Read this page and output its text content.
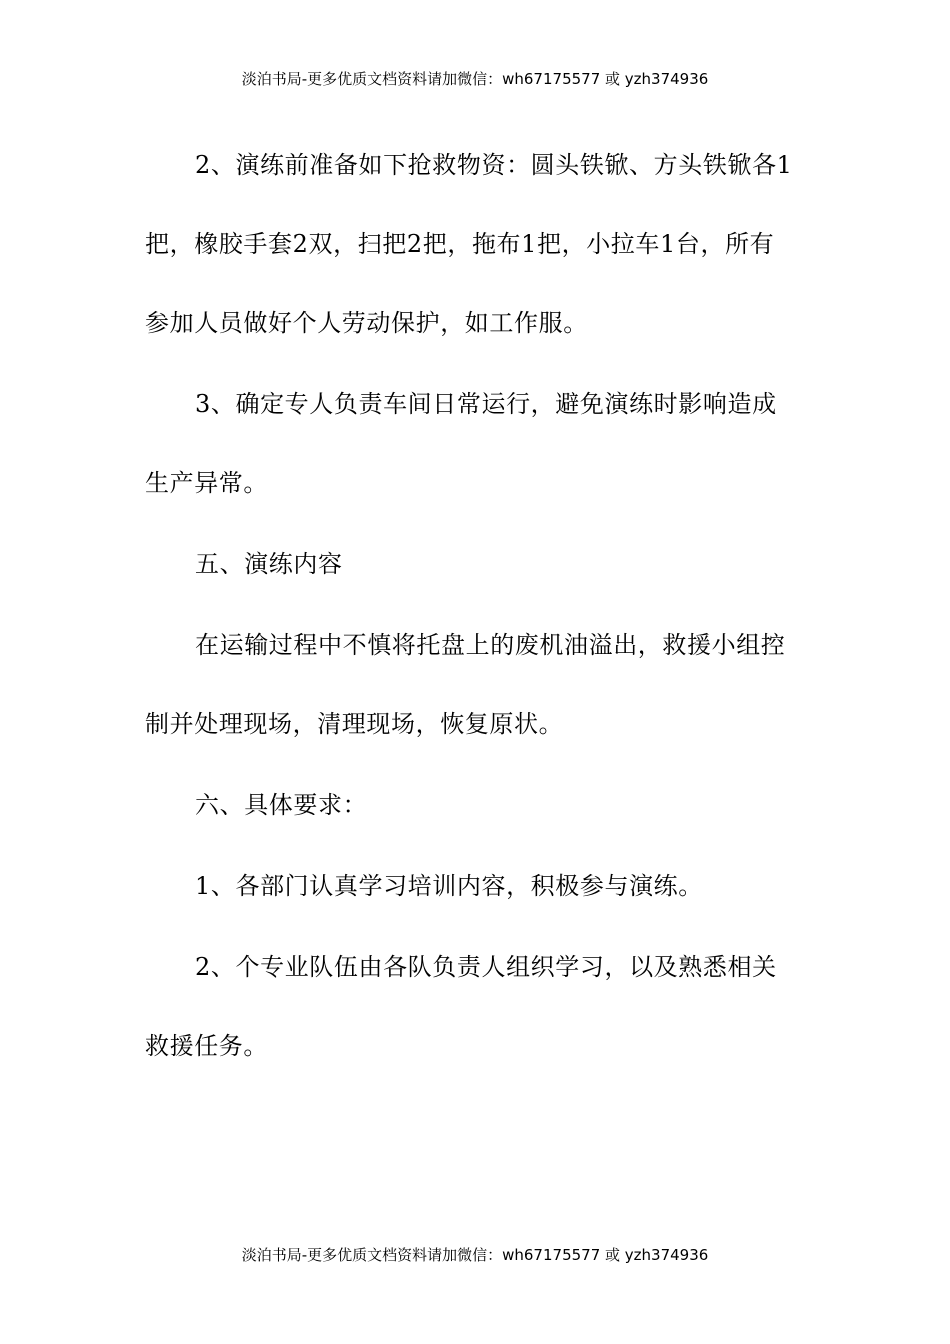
淡泊书局-更多优质文档资料请加微信：wh67175577 或 yzh374936

2、演练前准备如下抢救物资：圆头铁锨、方头铁锨各1把，橡胶手套2双，扫把2把，拖布1把，小拉车1台，所有参加人员做好个人劳动保护，如工作服。

3、确定专人负责车间日常运行，避免演练时影响造成生产异常。

五、演练内容

在运输过程中不慎将托盘上的废机油溢出，救援小组控制并处理现场，清理现场，恢复原状。

六、具体要求：

1、各部门认真学习培训内容，积极参与演练。

2、个专业队伍由各队负责人组织学习，以及熟悉相关救援任务。

淡泊书局-更多优质文档资料请加微信：wh67175577 或 yzh374936
